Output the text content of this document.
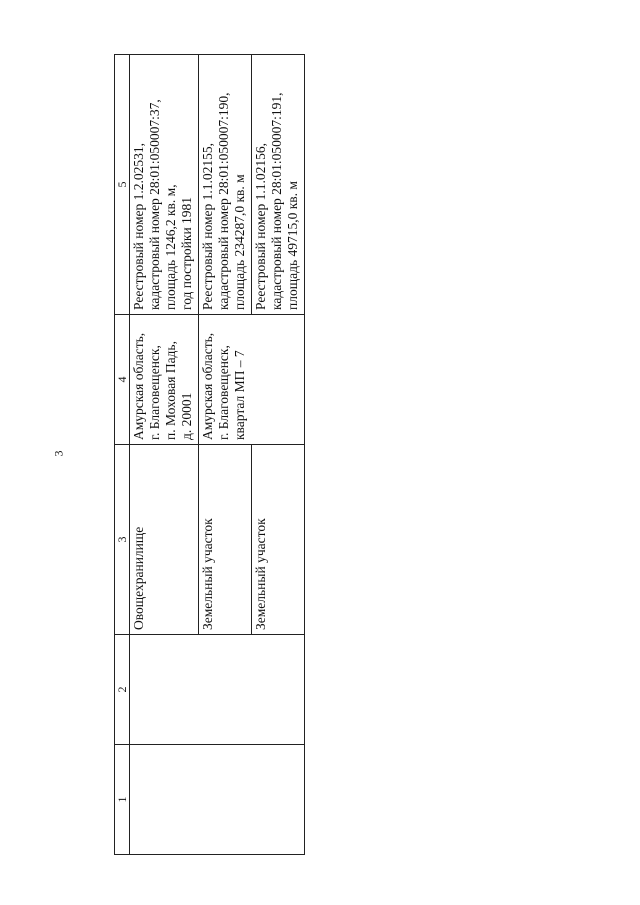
3
1	2	3	4	5
		Овощехранилище	Амурская область,
г. Благовещенск,
п. Моховая Падь,
д. 20001	Реестровый номер 1.2.02531,
кадастровый номер 28:01:050007:37,
площадь 1246,2 кв. м,
год постройки 1981
		Земельный участок	Амурская область,
г. Благовещенск,
квартал МП – 7	Реестровый номер 1.1.02155,
кадастровый номер 28:01:050007:190,
площадь 234287,0 кв. м
		Земельный участок		Реестровый номер 1.1.02156,
кадастровый номер 28:01:050007:191,
площадь 49715,0 кв. м
